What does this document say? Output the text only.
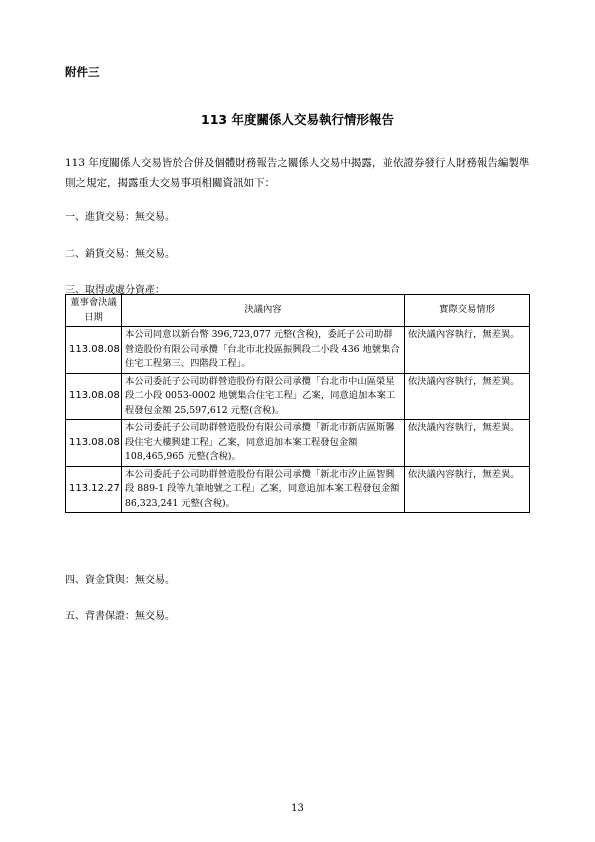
附件三
113 年度關係人交易執行情形報告
113 年度關係人交易皆於合併及個體財務報告之關係人交易中揭露，並依證券發行人財務報告編製準則之規定，揭露重大交易事項相關資訊如下：
一、進貨交易：無交易。
二、銷貨交易：無交易。
三、取得或處分資產：
董事會決議日期	決議內容	實際交易情形
113.08.08	本公司同意以新台幣 396,723,077 元整(含稅)，委託子公司助群營造股份有限公司承攬「台北市北投區振興段二小段 436 地號集合住宅工程第三、四階段工程」。	依決議內容執行，無差異。
113.08.08	本公司委託子公司助群營造股份有限公司承攬「台北市中山區榮星段二小段 0053-0002 地號集合住宅工程」乙案，同意追加本案工程發包金額 25,597,612 元整(含稅)。	依決議內容執行，無差異。
113.08.08	本公司委託子公司助群營造股份有限公司承攬「新北市新店區斯馨段住宅大樓興建工程」乙案，同意追加本案工程發包金額 108,465,965 元整(含稅)。	依決議內容執行，無差異。
113.12.27	本公司委託子公司助群營造股份有限公司承攬「新北市汐止區智興段 889-1 段等九筆地號之工程」乙案，同意追加本案工程發包金額 86,323,241 元整(含稅)。	依決議內容執行，無差異。
四、資金貸與：無交易。
五、背書保證：無交易。
13
